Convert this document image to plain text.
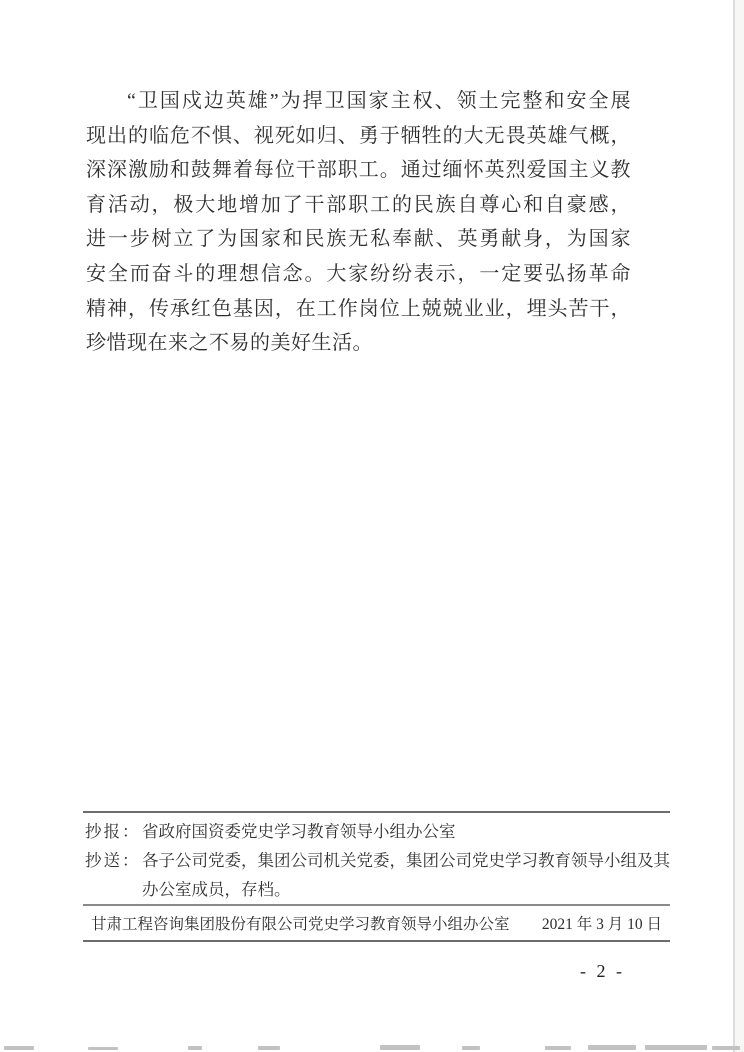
“卫国戍边英雄”为捍卫国家主权、领土完整和安全展
现出的临危不惧、视死如归、勇于牺牲的大无畏英雄气概，
深深激励和鼓舞着每位干部职工。通过缅怀英烈爱国主义教
育活动，极大地增加了干部职工的民族自尊心和自豪感，
进一步树立了为国家和民族无私奉献、英勇献身，为国家
安全而奋斗的理想信念。大家纷纷表示，一定要弘扬革命
精神，传承红色基因，在工作岗位上兢兢业业，埋头苦干，
珍惜现在来之不易的美好生活。
抄报： 省政府国资委党史学习教育领导小组办公室
抄送： 各子公司党委，集团公司机关党委，集团公司党史学习教育领导小组及其
办公室成员，存档。
甘肃工程咨询集团股份有限公司党史学习教育领导小组办公室 2021 年 3 月 10 日
- 2 -
